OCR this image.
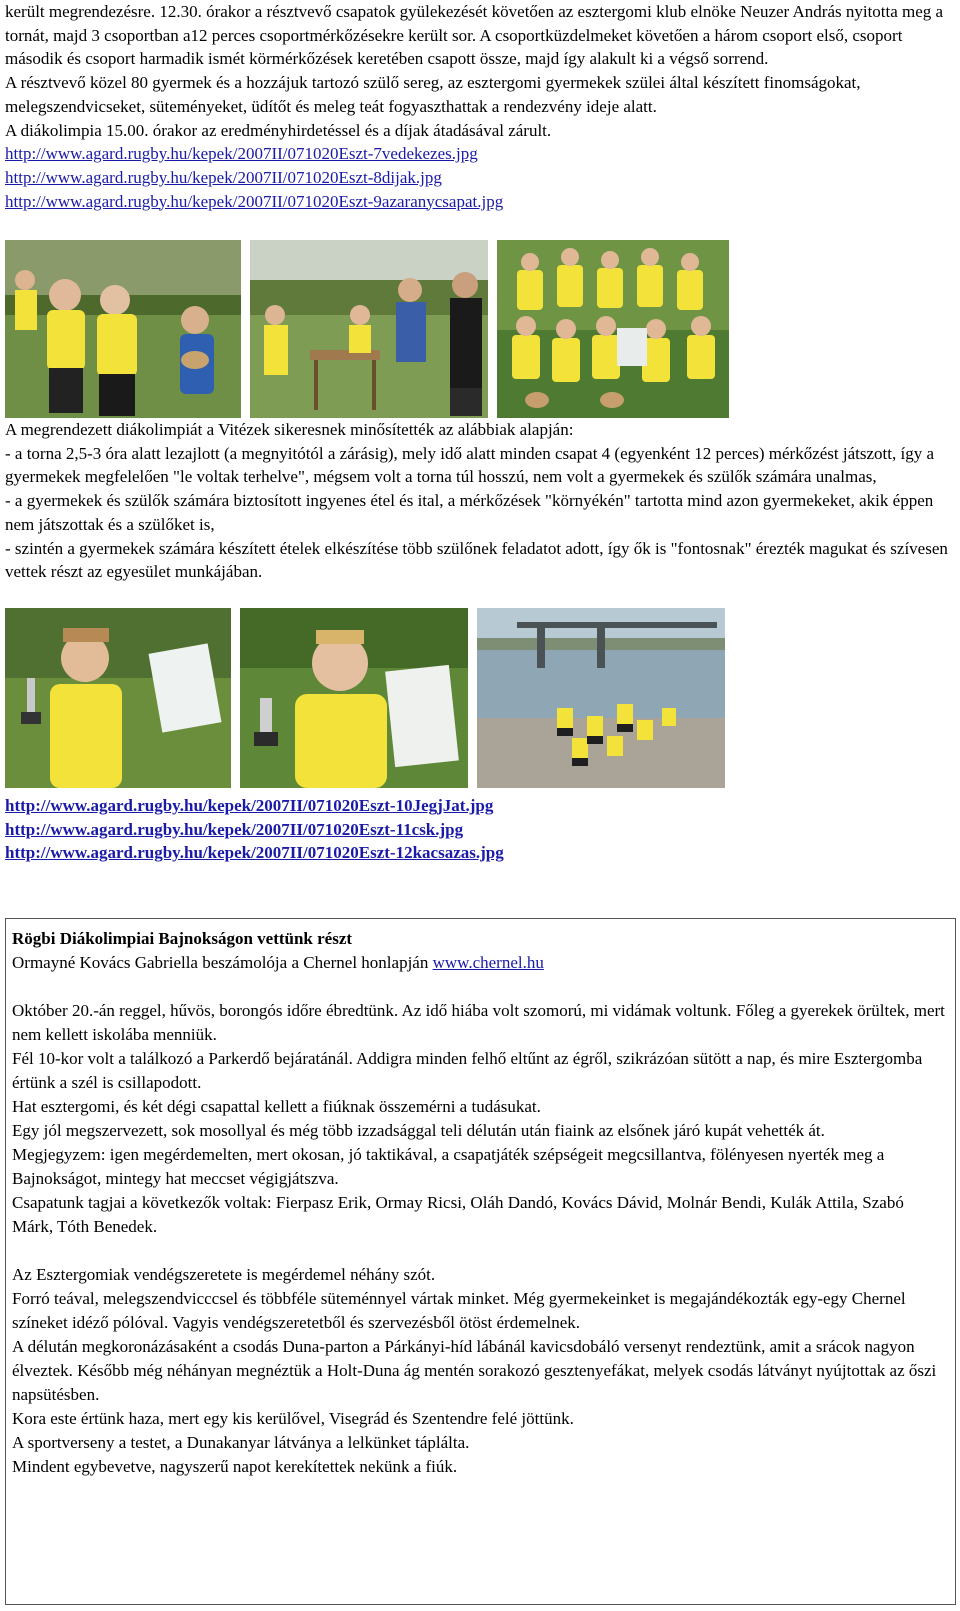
került megrendezésre. 12.30. órakor a résztvevő csapatok gyülekezését követően az esztergomi klub elnöke Neuzer András nyitotta meg a tornát, majd 3 csoportban a12 perces csoportmérkőzésekre került sor. A csoportküzdelmeket követően a három csoport első, csoport második és csoport harmadik ismét körmérkőzések keretében csapott össze, majd így alakult ki a végső sorrend.

A résztvevő közel 80 gyermek és a hozzájuk tartozó szülő sereg, az esztergomi gyermekek szülei által készített finomságokat, melegszendvicseket, süteményeket, üdítőt és meleg teát fogyaszthattak a rendezvény ideje alatt.

A diákolimpia 15.00. órakor az eredményhirdetéssel és a díjak átadásával zárult.

http://www.agard.rugby.hu/kepek/2007II/071020Eszt-7vedekezes.jpg
http://www.agard.rugby.hu/kepek/2007II/071020Eszt-8dijak.jpg
http://www.agard.rugby.hu/kepek/2007II/071020Eszt-9azaranycsapat.jpg

A megrendezett diákolimpiát a Vitézek sikeresnek minősítették az alábbiak alapján:

- a torna 2,5-3 óra alatt lezajlott (a megnyitótól a zárásig), mely idő alatt minden csapat 4 (egyenként 12 perces) mérkőzést játszott, így a gyermekek megfelelően "le voltak terhelve", mégsem volt a torna túl hosszú, nem volt a gyermekek és szülők számára unalmas,

- a gyermekek és szülők számára biztosított ingyenes étel és ital, a mérkőzések "környékén" tartotta mind azon gyermekeket, akik éppen nem játszottak és a szülőket is,

- szintén a gyermekek számára készített ételek elkészítése több szülőnek feladatot adott, így ők is "fontosnak" érezték magukat és szívesen vettek részt az egyesület munkájában.

http://www.agard.rugby.hu/kepek/2007II/071020Eszt-10JegjJat.jpg
http://www.agard.rugby.hu/kepek/2007II/071020Eszt-11csk.jpg
http://www.agard.rugby.hu/kepek/2007II/071020Eszt-12kacsazas.jpg

Rögbi Diákolimpiai Bajnokságon vettünk részt

Ormayné Kovács Gabriella beszámolója a Chernel honlapján www.chernel.hu

Október 20.-án reggel, hűvös, borongós időre ébredtünk. Az idő hiába volt szomorú, mi vidámak voltunk. Főleg a gyerekek örültek, mert nem kellett iskolába menniük.

Fél 10-kor volt a találkozó a Parkerdő bejáratánál. Addigra minden felhő eltűnt az égről, szikrázóan sütött a nap, és mire Esztergomba értünk a szél is csillapodott.

Hat esztergomi, és két dégi csapattal kellett a fiúknak összemérni a tudásukat.

Egy jól megszervezett, sok mosollyal és még több izzadsággal teli délután után fiaink az elsőnek járó kupát vehették át.

Megjegyzem: igen megérdemelten, mert okosan, jó taktikával, a csapatjáték szépségeit megcsillantva, fölényesen nyerték meg a Bajnokságot, mintegy hat meccset végigjátszva.

Csapatunk tagjai a következők voltak: Fierpasz Erik, Ormay Ricsi, Oláh Dandó, Kovács Dávid, Molnár Bendi, Kulák Attila, Szabó Márk, Tóth Benedek.

Az Esztergomiak vendégszeretete is megérdemel néhány szót.

Forró teával, melegszendvicccsel és többféle süteménnyel vártak minket. Még gyermekeinket is megajándékozták egy-egy Chernel színeket idéző pólóval. Vagyis vendégszeretetből és szervezésből ötöst érdemelnek.

A délután megkoronázásaként a csodás Duna-parton a Párkányi-híd lábánál kavicsdobáló versenyt rendeztünk, amit a srácok nagyon élveztek. Később még néhányan megnéztük a Holt-Duna ág mentén sorakozó gesztenyefákat, melyek csodás látványt nyújtottak az őszi napsütésben.

Kora este értünk haza, mert egy kis kerülővel, Visegrád és Szentendre felé jöttünk.

A sportverseny a testet, a Dunakanyar látványa a lelkünket táplálta.

Mindent egybevetve, nagyszerű napot kerekítettek nekünk a fiúk.
